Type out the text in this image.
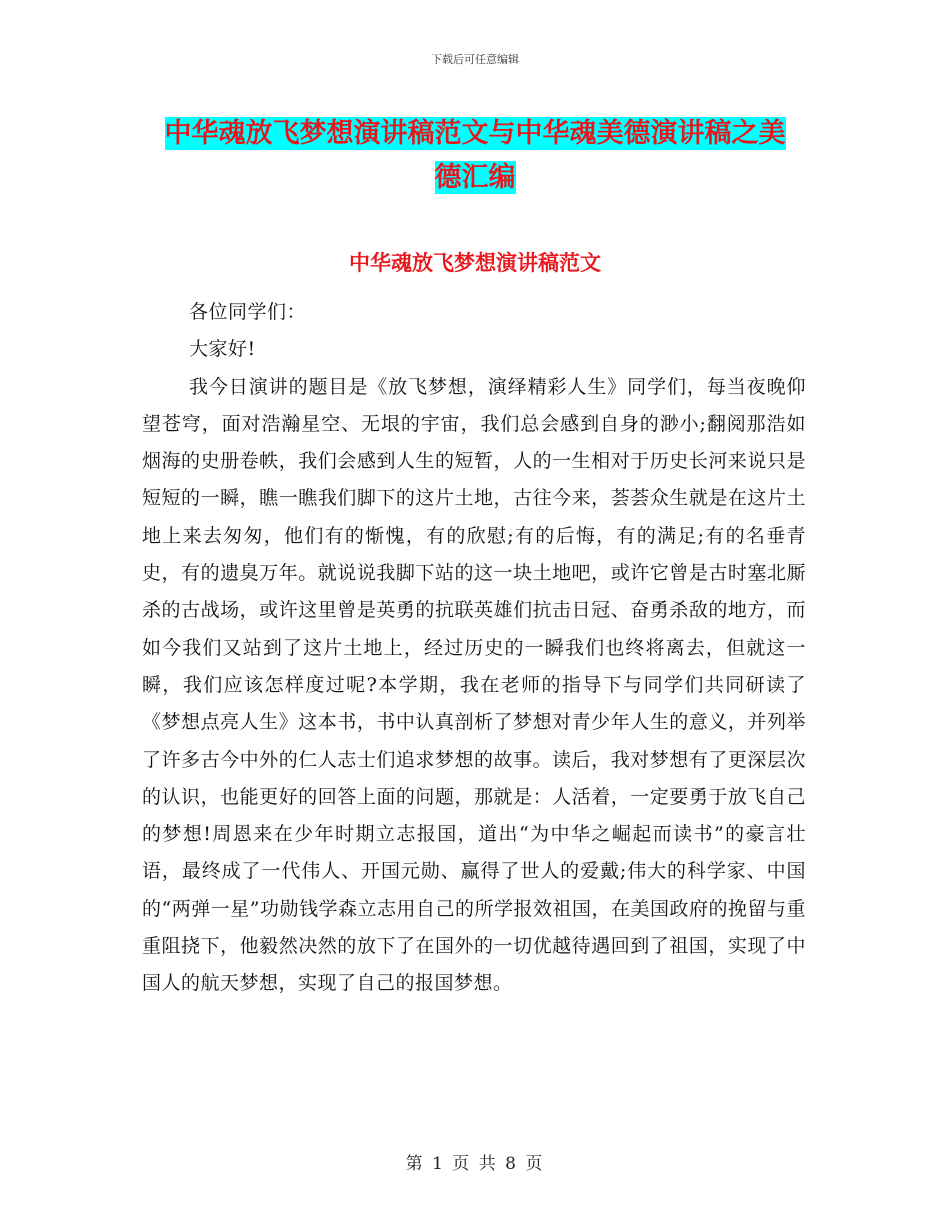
下载后可任意编辑
中华魂放飞梦想演讲稿范文与中华魂美德演讲稿之美
德汇编
中华魂放飞梦想演讲稿范文

各位同学们：

大家好!

我今日演讲的题目是《放飞梦想，演绎精彩人生》同学们，每当夜晚仰望苍穹，面对浩瀚星空、无垠的宇宙，我们总会感到自身的渺小;翻阅那浩如烟海的史册卷帙，我们会感到人生的短暂，人的一生相对于历史长河来说只是短短的一瞬，瞧一瞧我们脚下的这片土地，古往今来，荟荟众生就是在这片土地上来去匆匆，他们有的惭愧，有的欣慰;有的后悔，有的满足;有的名垂青史，有的遗臭万年。就说说我脚下站的这一块土地吧，或许它曾是古时塞北厮杀的古战场，或许这里曾是英勇的抗联英雄们抗击日冠、奋勇杀敌的地方，而如今我们又站到了这片土地上，经过历史的一瞬我们也终将离去，但就这一瞬，我们应该怎样度过呢?本学期，我在老师的指导下与同学们共同研读了《梦想点亮人生》这本书，书中认真剖析了梦想对青少年人生的意义，并列举了许多古今中外的仁人志士们追求梦想的故事。读后，我对梦想有了更深层次的认识，也能更好的回答上面的问题，那就是：人活着，一定要勇于放飞自己的梦想!周恩来在少年时期立志报国，道出“为中华之崛起而读书”的豪言壮语，最终成了一代伟人、开国元勋、赢得了世人的爱戴;伟大的科学家、中国的“两弹一星”功勋钱学森立志用自己的所学报效祖国，在美国政府的挽留与重重阻挠下，他毅然决然的放下了在国外的一切优越待遇回到了祖国，实现了中国人的航天梦想，实现了自己的报国梦想。

第 1 页 共 8 页
